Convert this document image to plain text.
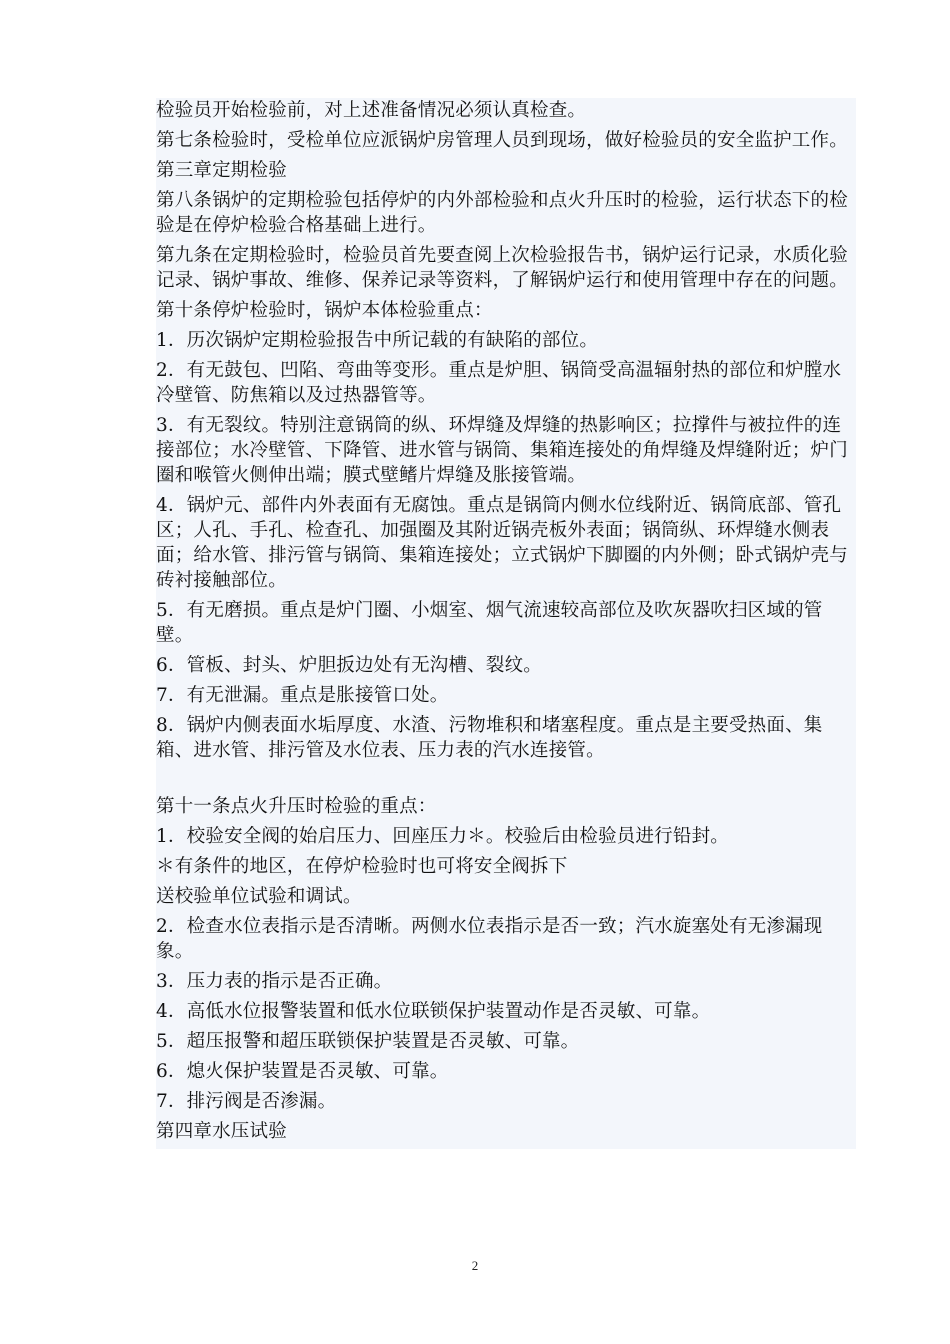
检验员开始检验前，对上述准备情况必须认真检查。

第七条检验时，受检单位应派锅炉房管理人员到现场，做好检验员的安全监护工作。

第三章定期检验

第八条锅炉的定期检验包括停炉的内外部检验和点火升压时的检验，运行状态下的检验是在停炉检验合格基础上进行。

第九条在定期检验时，检验员首先要查阅上次检验报告书，锅炉运行记录，水质化验记录、锅炉事故、维修、保养记录等资料，了解锅炉运行和使用管理中存在的问题。

第十条停炉检验时，锅炉本体检验重点：

1．历次锅炉定期检验报告中所记载的有缺陷的部位。

2．有无鼓包、凹陷、弯曲等变形。重点是炉胆、锅筒受高温辐射热的部位和炉膛水冷壁管、防焦箱以及过热器管等。

3．有无裂纹。特别注意锅筒的纵、环焊缝及焊缝的热影响区；拉撑件与被拉件的连接部位；水冷壁管、下降管、进水管与锅筒、集箱连接处的角焊缝及焊缝附近；炉门圈和喉管火侧伸出端；膜式壁鳍片焊缝及胀接管端。

4．锅炉元、部件内外表面有无腐蚀。重点是锅筒内侧水位线附近、锅筒底部、管孔区；人孔、手孔、检查孔、加强圈及其附近锅壳板外表面；锅筒纵、环焊缝水侧表面；给水管、排污管与锅筒、集箱连接处；立式锅炉下脚圈的内外侧；卧式锅炉壳与砖衬接触部位。

5．有无磨损。重点是炉门圈、小烟室、烟气流速较高部位及吹灰器吹扫区域的管壁。

6．管板、封头、炉胆扳边处有无沟槽、裂纹。

7．有无泄漏。重点是胀接管口处。

8．锅炉内侧表面水垢厚度、水渣、污物堆积和堵塞程度。重点是主要受热面、集箱、进水管、排污管及水位表、压力表的汽水连接管。

第十一条点火升压时检验的重点：

1．校验安全阀的始启压力、回座压力＊。校验后由检验员进行铅封。

＊有条件的地区，在停炉检验时也可将安全阀拆下

送校验单位试验和调试。

2．检查水位表指示是否清晰。两侧水位表指示是否一致；汽水旋塞处有无渗漏现象。

3．压力表的指示是否正确。

4．高低水位报警装置和低水位联锁保护装置动作是否灵敏、可靠。

5．超压报警和超压联锁保护装置是否灵敏、可靠。

6．熄火保护装置是否灵敏、可靠。

7．排污阀是否渗漏。

第四章水压试验

2
